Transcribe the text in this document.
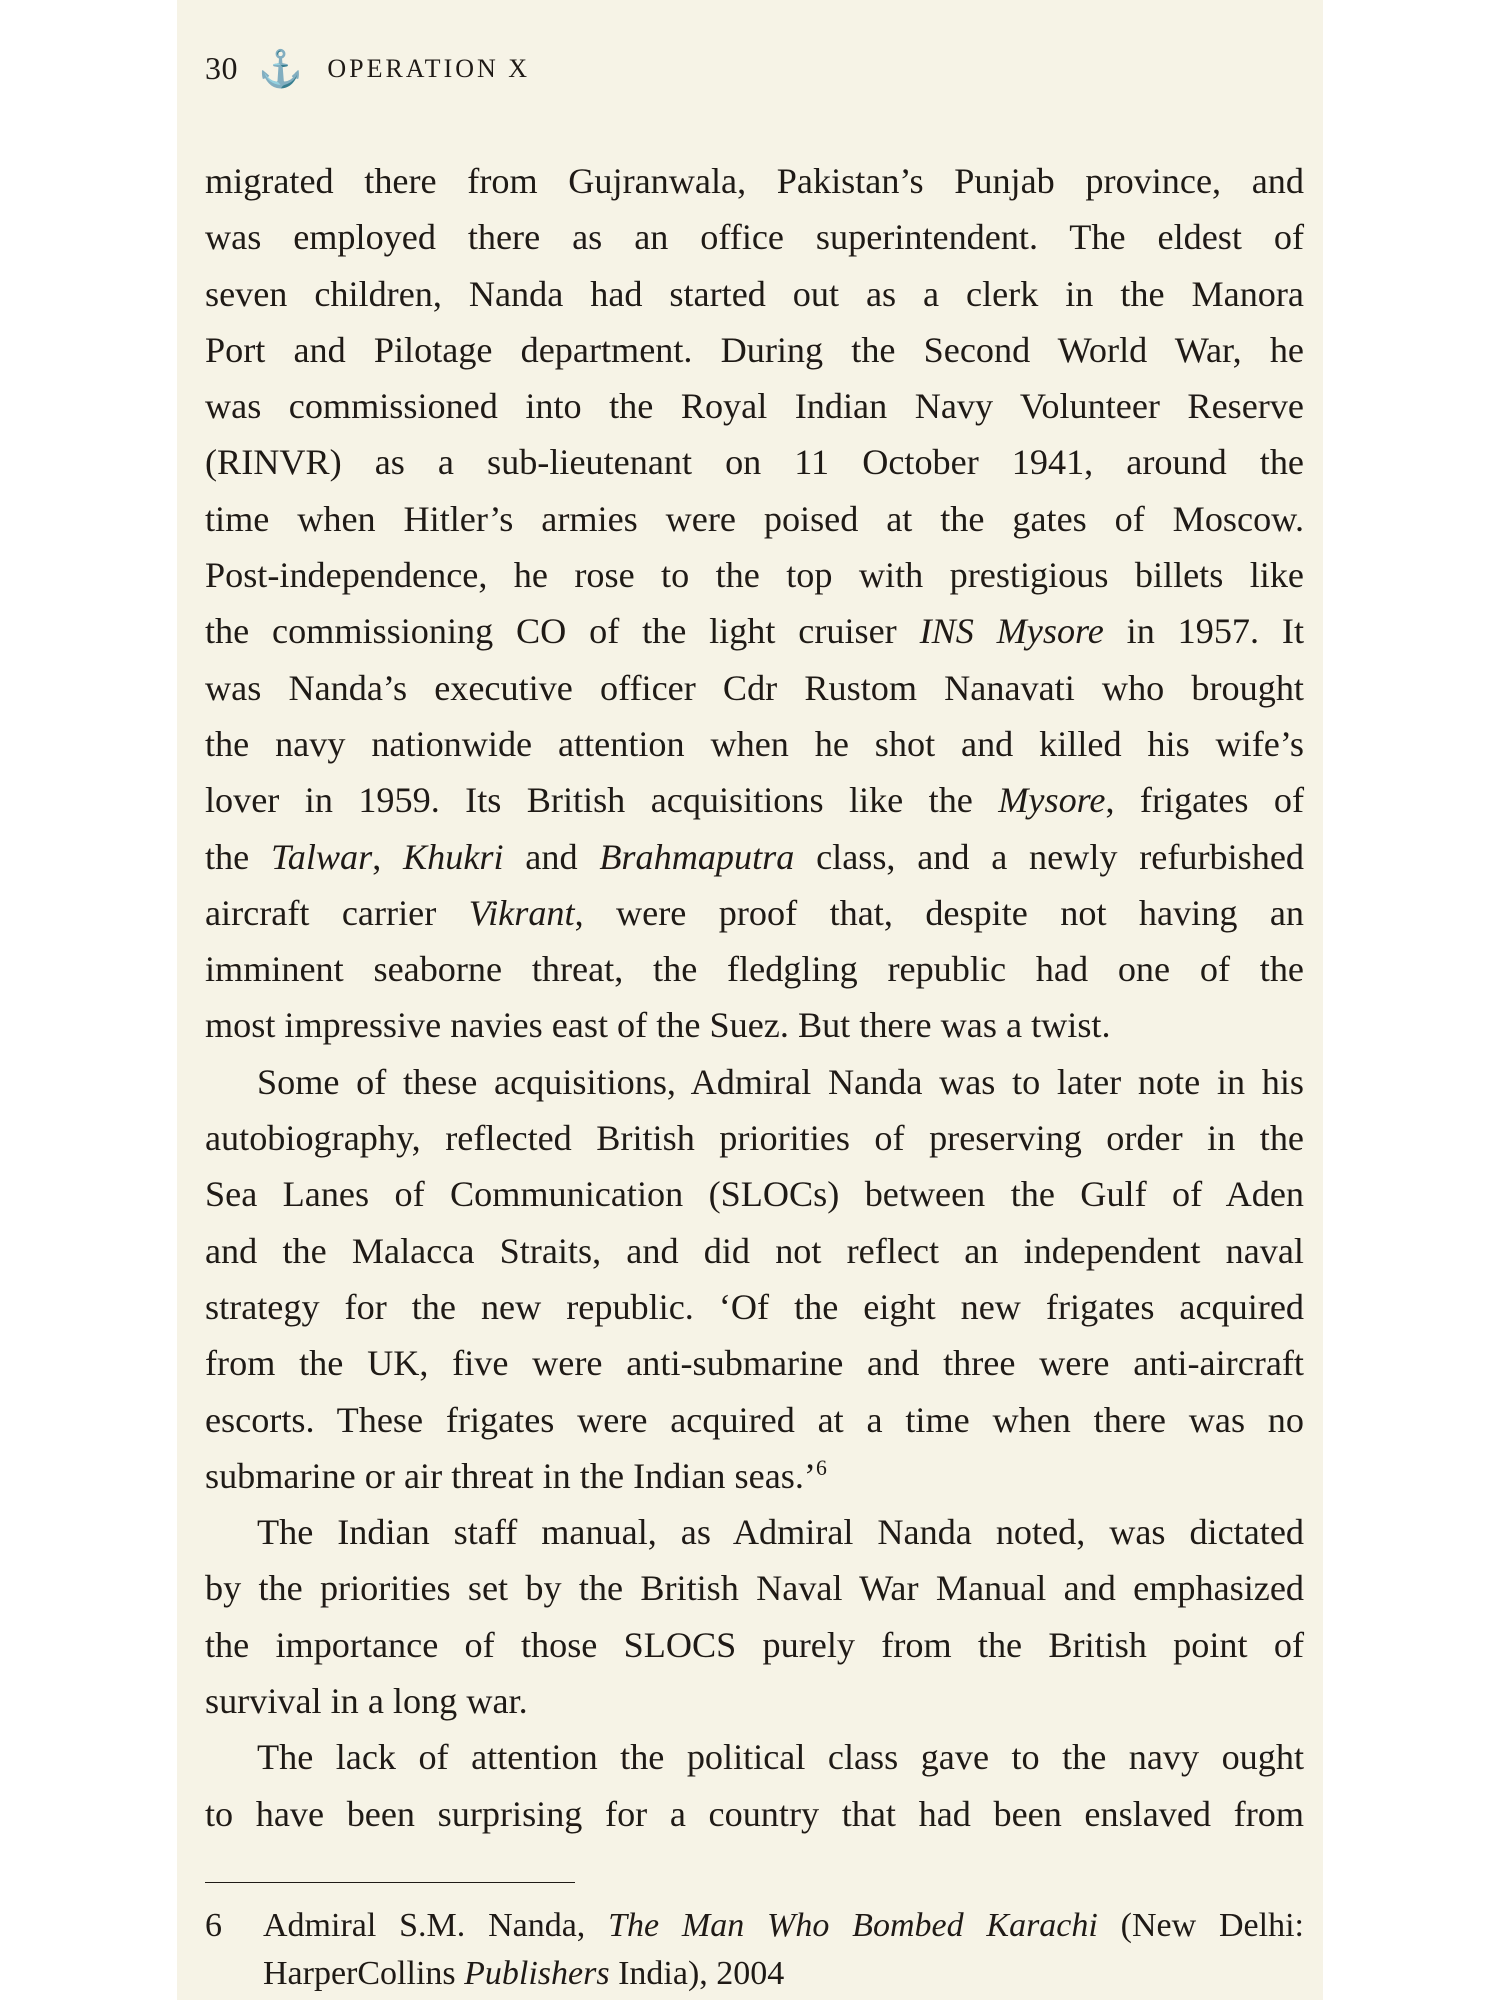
30 ⚓ OPERATION X
migrated there from Gujranwala, Pakistan’s Punjab province, and
was employed there as an office superintendent. The eldest of
seven children, Nanda had started out as a clerk in the Manora
Port and Pilotage department. During the Second World War, he
was commissioned into the Royal Indian Navy Volunteer Reserve
(RINVR) as a sub-lieutenant on 11 October 1941, around the
time when Hitler’s armies were poised at the gates of Moscow.
Post-independence, he rose to the top with prestigious billets like
the commissioning CO of the light cruiser INS Mysore in 1957. It
was Nanda’s executive officer Cdr Rustom Nanavati who brought
the navy nationwide attention when he shot and killed his wife’s
lover in 1959. Its British acquisitions like the Mysore, frigates of
the Talwar, Khukri and Brahmaputra class, and a newly refurbished
aircraft carrier Vikrant, were proof that, despite not having an
imminent seaborne threat, the fledgling republic had one of the
most impressive navies east of the Suez. But there was a twist.
Some of these acquisitions, Admiral Nanda was to later note in his
autobiography, reflected British priorities of preserving order in the
Sea Lanes of Communication (SLOCs) between the Gulf of Aden
and the Malacca Straits, and did not reflect an independent naval
strategy for the new republic. ‘Of the eight new frigates acquired
from the UK, five were anti-submarine and three were anti-aircraft
escorts. These frigates were acquired at a time when there was no
submarine or air threat in the Indian seas.’$^6$
The Indian staff manual, as Admiral Nanda noted, was dictated
by the priorities set by the British Naval War Manual and emphasized
the importance of those SLOCS purely from the British point of
survival in a long war.
The lack of attention the political class gave to the navy ought
to have been surprising for a country that had been enslaved from
6	Admiral S.M. Nanda, The Man Who Bombed Karachi (New Delhi:
HarperCollins Publishers India), 2004
